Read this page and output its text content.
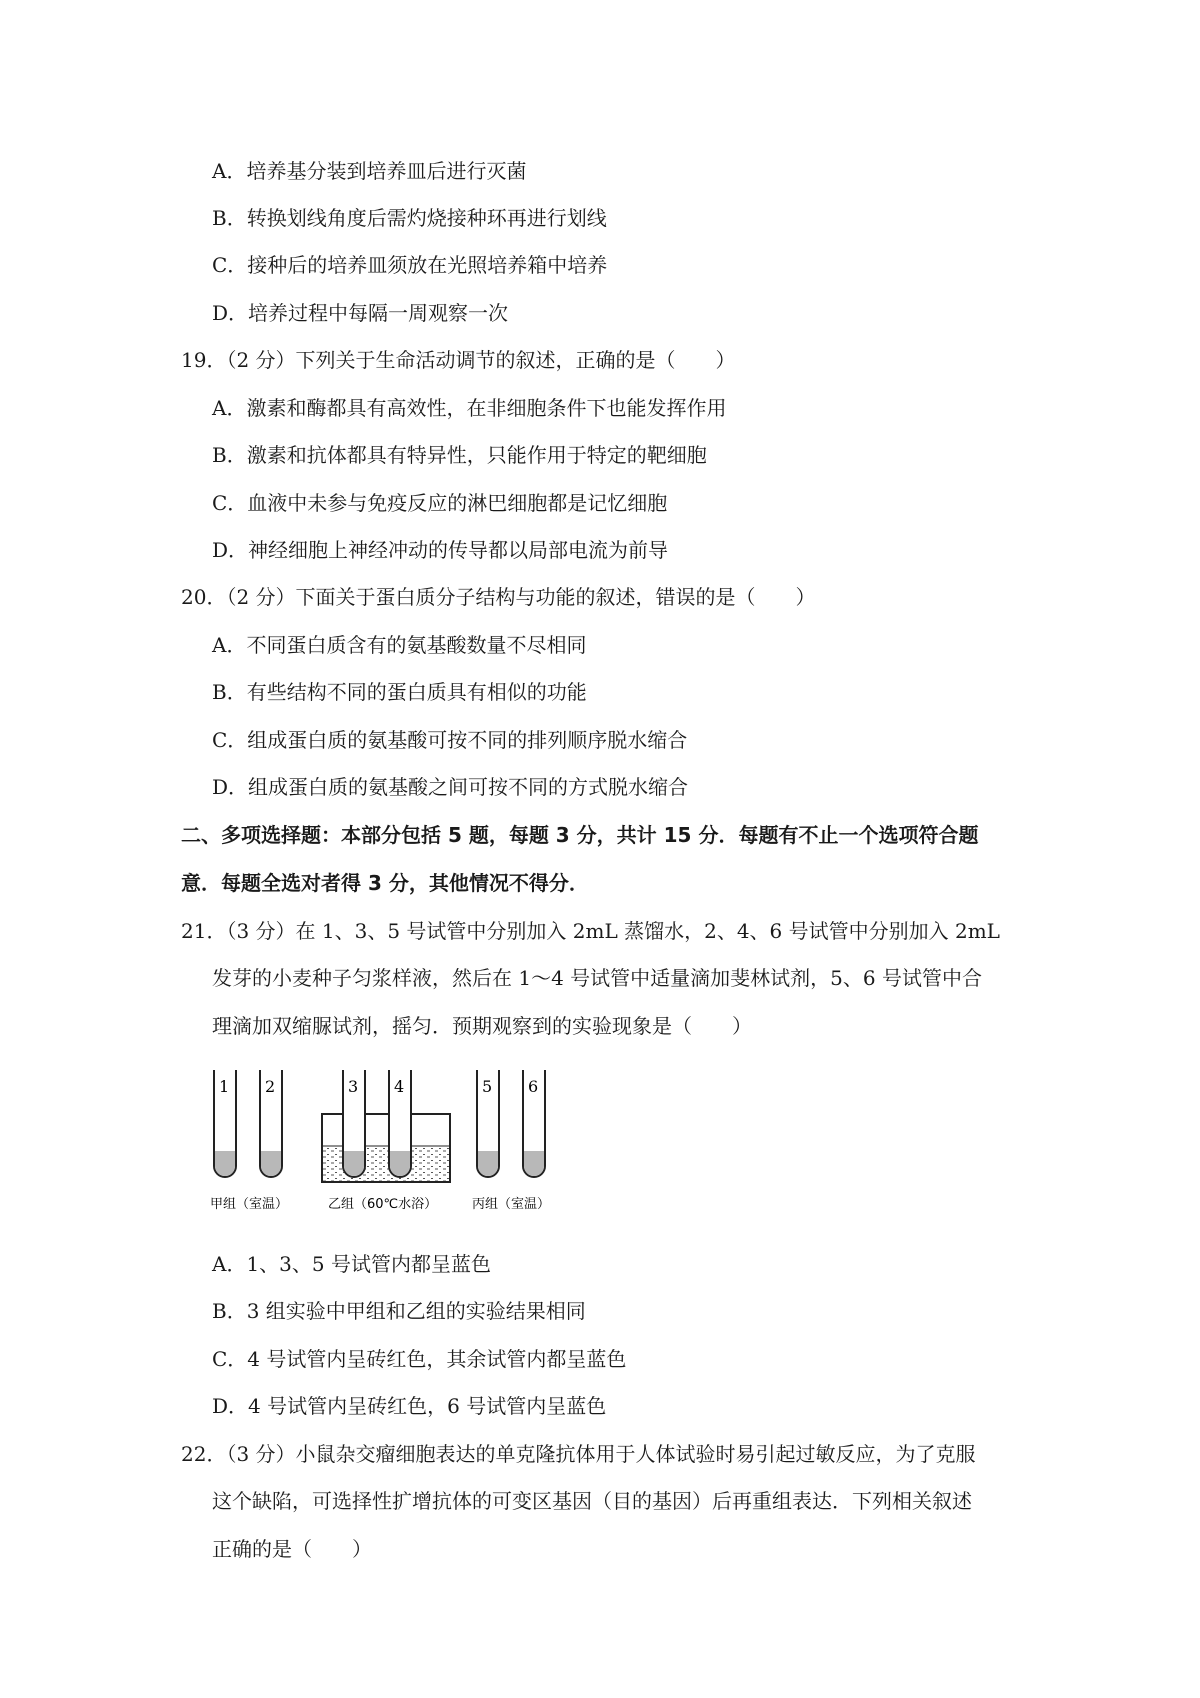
A．培养基分装到培养皿后进行灭菌
B．转换划线角度后需灼烧接种环再进行划线
C．接种后的培养皿须放在光照培养箱中培养
D．培养过程中每隔一周观察一次
19．（2 分）下列关于生命活动调节的叙述，正确的是（　　）
A．激素和酶都具有高效性，在非细胞条件下也能发挥作用
B．激素和抗体都具有特异性，只能作用于特定的靶细胞
C．血液中未参与免疫反应的淋巴细胞都是记忆细胞
D．神经细胞上神经冲动的传导都以局部电流为前导
20．（2 分）下面关于蛋白质分子结构与功能的叙述，错误的是（　　）
A．不同蛋白质含有的氨基酸数量不尽相同
B．有些结构不同的蛋白质具有相似的功能
C．组成蛋白质的氨基酸可按不同的排列顺序脱水缩合
D．组成蛋白质的氨基酸之间可按不同的方式脱水缩合
二、多项选择题：本部分包括 5 题，每题 3 分，共计 15 分．每题有不止一个选项符合题
意．每题全选对者得 3 分，其他情况不得分．
21．（3 分）在 1、3、5 号试管中分别加入 2mL 蒸馏水，2、4、6 号试管中分别加入 2mL
发芽的小麦种子匀浆样液，然后在 1～4 号试管中适量滴加斐林试剂，5、6 号试管中合
理滴加双缩脲试剂，摇匀．预期观察到的实验现象是（　　）
1 2	3 4	5 6
甲组（室温）	乙组（60℃水浴）	丙组（室温）
A．1、3、5 号试管内都呈蓝色
B．3 组实验中甲组和乙组的实验结果相同
C．4 号试管内呈砖红色，其余试管内都呈蓝色
D．4 号试管内呈砖红色，6 号试管内呈蓝色
22．（3 分）小鼠杂交瘤细胞表达的单克隆抗体用于人体试验时易引起过敏反应，为了克服
这个缺陷，可选择性扩增抗体的可变区基因（目的基因）后再重组表达．下列相关叙述
正确的是（　　）
